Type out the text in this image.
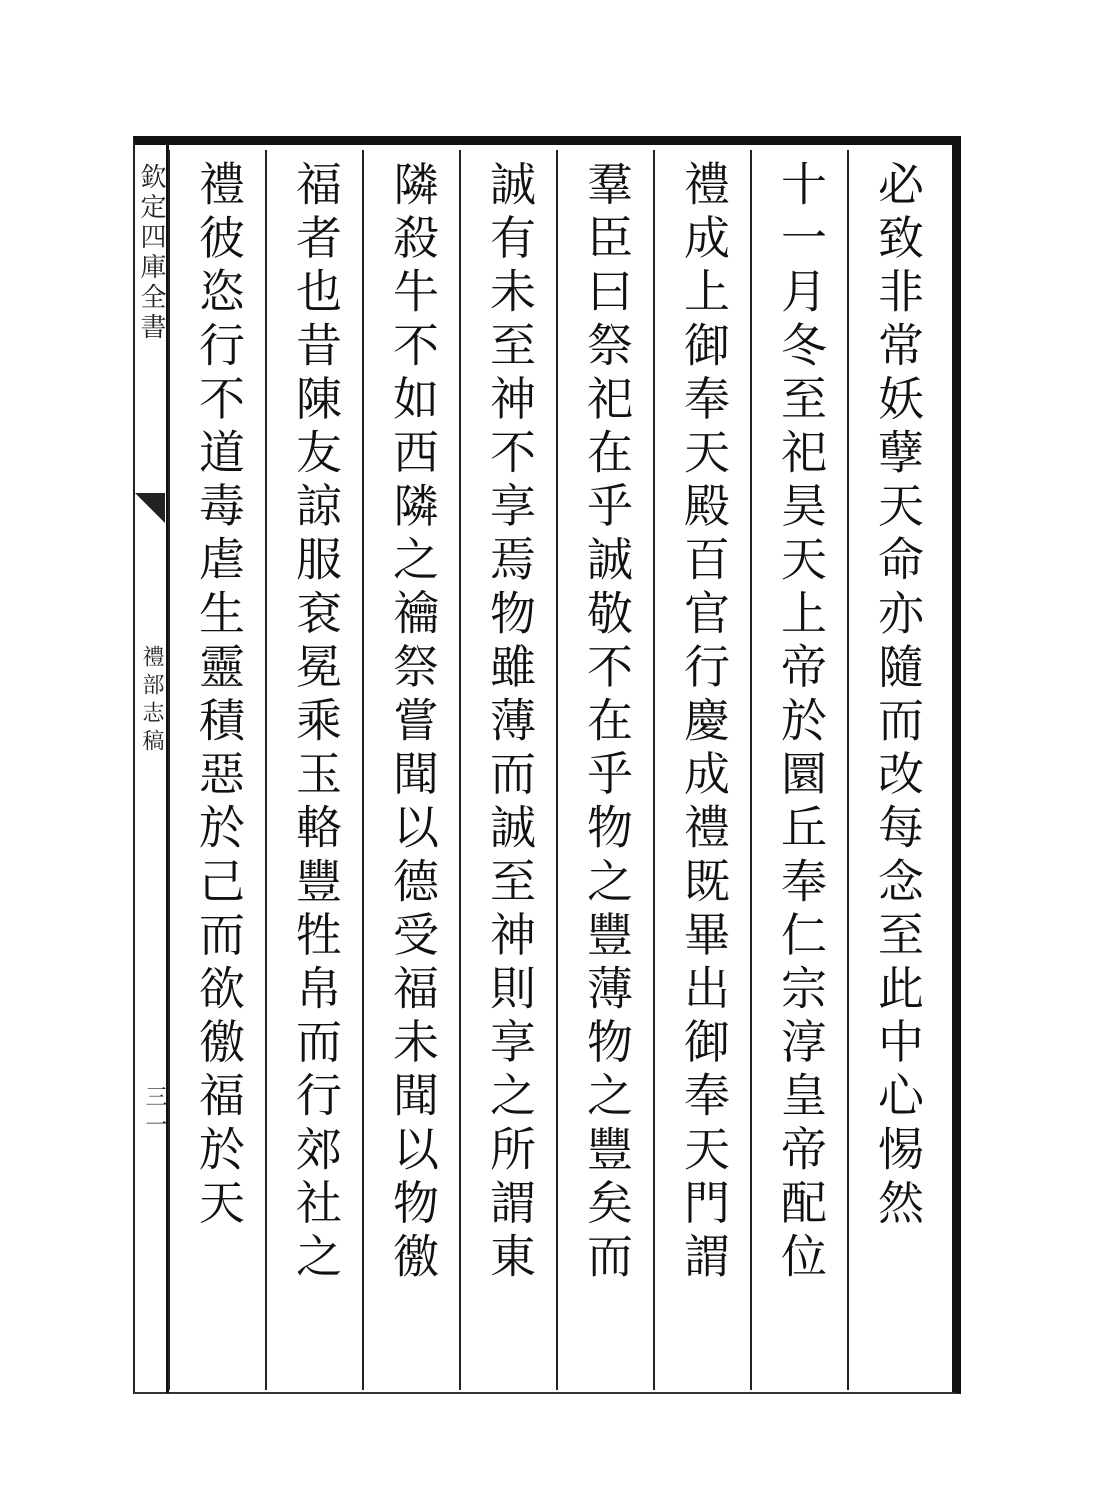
欽定四庫全書
禮部志稿
三一	必致非常妖孽天命亦隨而改每念至此中心惕然
十一月冬至祀昊天上帝於圜丘奉仁宗淳皇帝配位
禮成上御奉天殿百官行慶成禮既畢出御奉天門謂
羣臣曰祭祀在乎誠敬不在乎物之豐薄物之豐矣而
誠有未至神不享焉物雖薄而誠至神則享之所謂東
隣殺牛不如西隣之禴祭嘗聞以德受福未聞以物徼
福者也昔陳友諒服袞冕乘玉輅豐牲帛而行郊社之
禮彼恣行不道毒虐生靈積惡於己而欲徼福於天
